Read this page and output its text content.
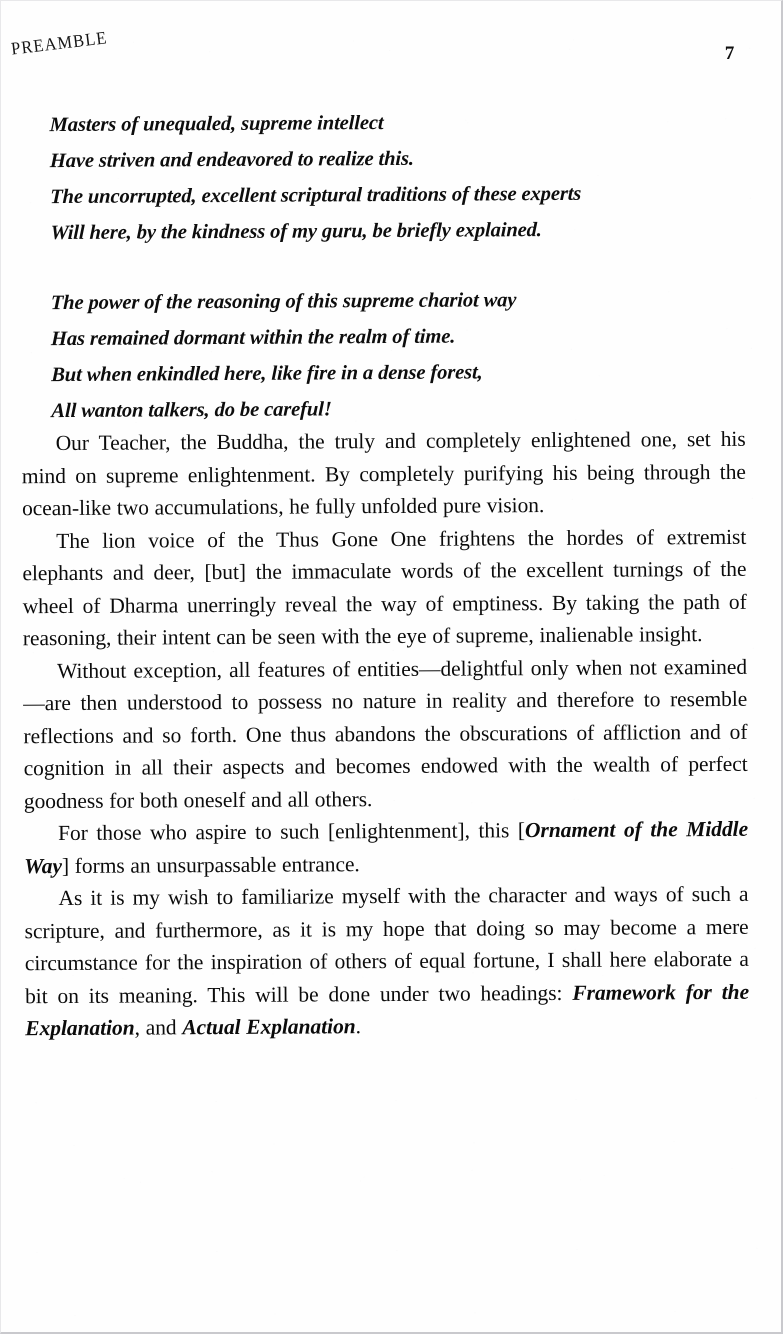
PREAMBLE	7
Masters of unequaled, supreme intellect
Have striven and endeavored to realize this.
The uncorrupted, excellent scriptural traditions of these experts
Will here, by the kindness of my guru, be briefly explained.
The power of the reasoning of this supreme chariot way
Has remained dormant within the realm of time.
But when enkindled here, like fire in a dense forest,
All wanton talkers, do be careful!

Our Teacher, the Buddha, the truly and completely enlightened one, set his mind on supreme enlightenment. By completely purifying his being through the ocean-like two accumulations, he fully unfolded pure vision.

The lion voice of the Thus Gone One frightens the hordes of extremist elephants and deer, [but] the immaculate words of the excellent turnings of the wheel of Dharma unerringly reveal the way of emptiness. By taking the path of reasoning, their intent can be seen with the eye of supreme, inalienable insight.

Without exception, all features of entities—delightful only when not examined—are then understood to possess no nature in reality and therefore to resemble reflections and so forth. One thus abandons the obscurations of affliction and of cognition in all their aspects and becomes endowed with the wealth of perfect goodness for both oneself and all others.

For those who aspire to such [enlightenment], this [Ornament of the Middle Way] forms an unsurpassable entrance.

As it is my wish to familiarize myself with the character and ways of such a scripture, and furthermore, as it is my hope that doing so may become a mere circumstance for the inspiration of others of equal fortune, I shall here elaborate a bit on its meaning. This will be done under two headings: Framework for the Explanation, and Actual Explanation.
